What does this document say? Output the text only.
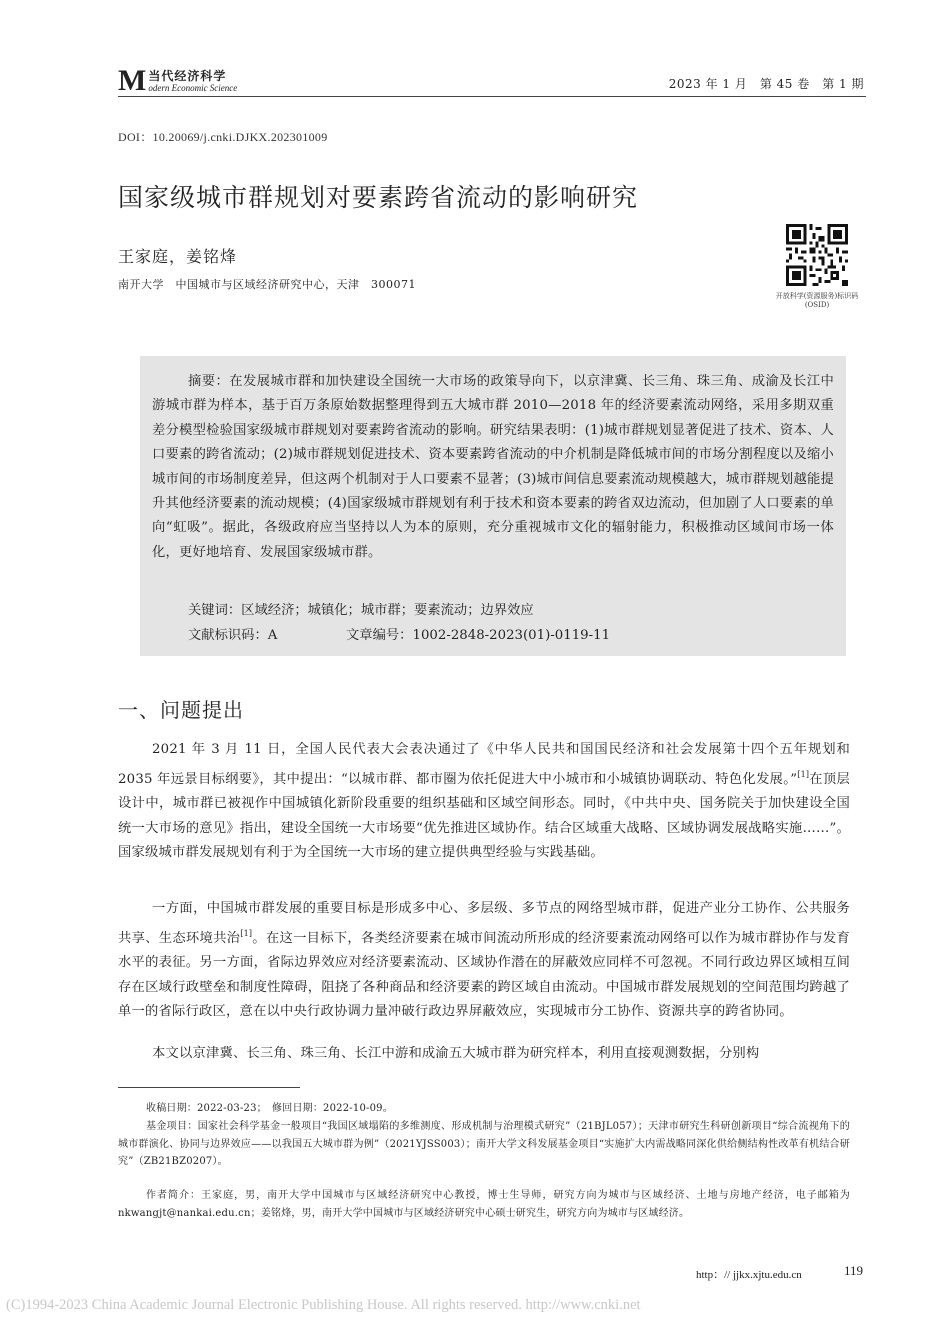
M 当代经济科学
odern Economic Science	2023 年 1 月　第 45 卷　第 1 期
DOI：10.20069/j.cnki.DJKX.202301009
国家级城市群规划对要素跨省流动的影响研究
王家庭，姜铭烽
南开大学　中国城市与区域经济研究中心，天津　300071
开放科学(资源服务)标识码(OSID)

摘要：在发展城市群和加快建设全国统一大市场的政策导向下，以京津冀、长三角、珠三角、成渝及长江中游城市群为样本，基于百万条原始数据整理得到五大城市群 2010—2018 年的经济要素流动网络，采用多期双重差分模型检验国家级城市群规划对要素跨省流动的影响。研究结果表明：(1)城市群规划显著促进了技术、资本、人口要素的跨省流动；(2)城市群规划促进技术、资本要素跨省流动的中介机制是降低城市间的市场分割程度以及缩小城市间的市场制度差异，但这两个机制对于人口要素不显著；(3)城市间信息要素流动规模越大，城市群规划越能提升其他经济要素的流动规模；(4)国家级城市群规划有利于技术和资本要素的跨省双边流动，但加剧了人口要素的单向“虹吸”。据此，各级政府应当坚持以人为本的原则，充分重视城市文化的辐射能力，积极推动区域间市场一体化，更好地培育、发展国家级城市群。

关键词：区域经济；城镇化；城市群；要素流动；边界效应
文献标识码：A	文章编号：1002-2848-2023(01)-0119-11
一、问题提出

2021 年 3 月 11 日，全国人民代表大会表决通过了《中华人民共和国国民经济和社会发展第十四个五年规划和 2035 年远景目标纲要》，其中提出：“以城市群、都市圈为依托促进大中小城市和小城镇协调联动、特色化发展。”[1]在顶层设计中，城市群已被视作中国城镇化新阶段重要的组织基础和区域空间形态。同时，《中共中央、国务院关于加快建设全国统一大市场的意见》指出，建设全国统一大市场要“优先推进区域协作。结合区域重大战略、区域协调发展战略实施……”。国家级城市群发展规划有利于为全国统一大市场的建立提供典型经验与实践基础。

一方面，中国城市群发展的重要目标是形成多中心、多层级、多节点的网络型城市群，促进产业分工协作、公共服务共享、生态环境共治[1]。在这一目标下，各类经济要素在城市间流动所形成的经济要素流动网络可以作为城市群协作与发育水平的表征。另一方面，省际边界效应对经济要素流动、区域协作潜在的屏蔽效应同样不可忽视。不同行政边界区域相互间存在区域行政壁垒和制度性障碍，阻挠了各种商品和经济要素的跨区域自由流动。中国城市群发展规划的空间范围均跨越了单一的省际行政区，意在以中央行政协调力量冲破行政边界屏蔽效应，实现城市分工协作、资源共享的跨省协同。

本文以京津冀、长三角、珠三角、长江中游和成渝五大城市群为研究样本，利用直接观测数据，分别构

收稿日期：2022-03-23；　修回日期：2022-10-09。

基金项目：国家社会科学基金一般项目“我国区域塌陷的多维测度、形成机制与治理模式研究”（21BJL057）；天津市研究生科研创新项目“综合流视角下的城市群演化、协同与边界效应——以我国五大城市群为例”（2021YJSS003）；南开大学文科发展基金项目“实施扩大内需战略同深化供给侧结构性改革有机结合研究”（ZB21BZ0207）。

作者简介：王家庭，男，南开大学中国城市与区域经济研究中心教授，博士生导师，研究方向为城市与区域经济、土地与房地产经济，电子邮箱为 nkwangjt@nankai.edu.cn；姜铭烽，男，南开大学中国城市与区域经济研究中心硕士研究生，研究方向为城市与区域经济。

http：// jjkx.xjtu.edu.cn	119
(C)1994-2023 China Academic Journal Electronic Publishing House. All rights reserved. http://www.cnki.net
